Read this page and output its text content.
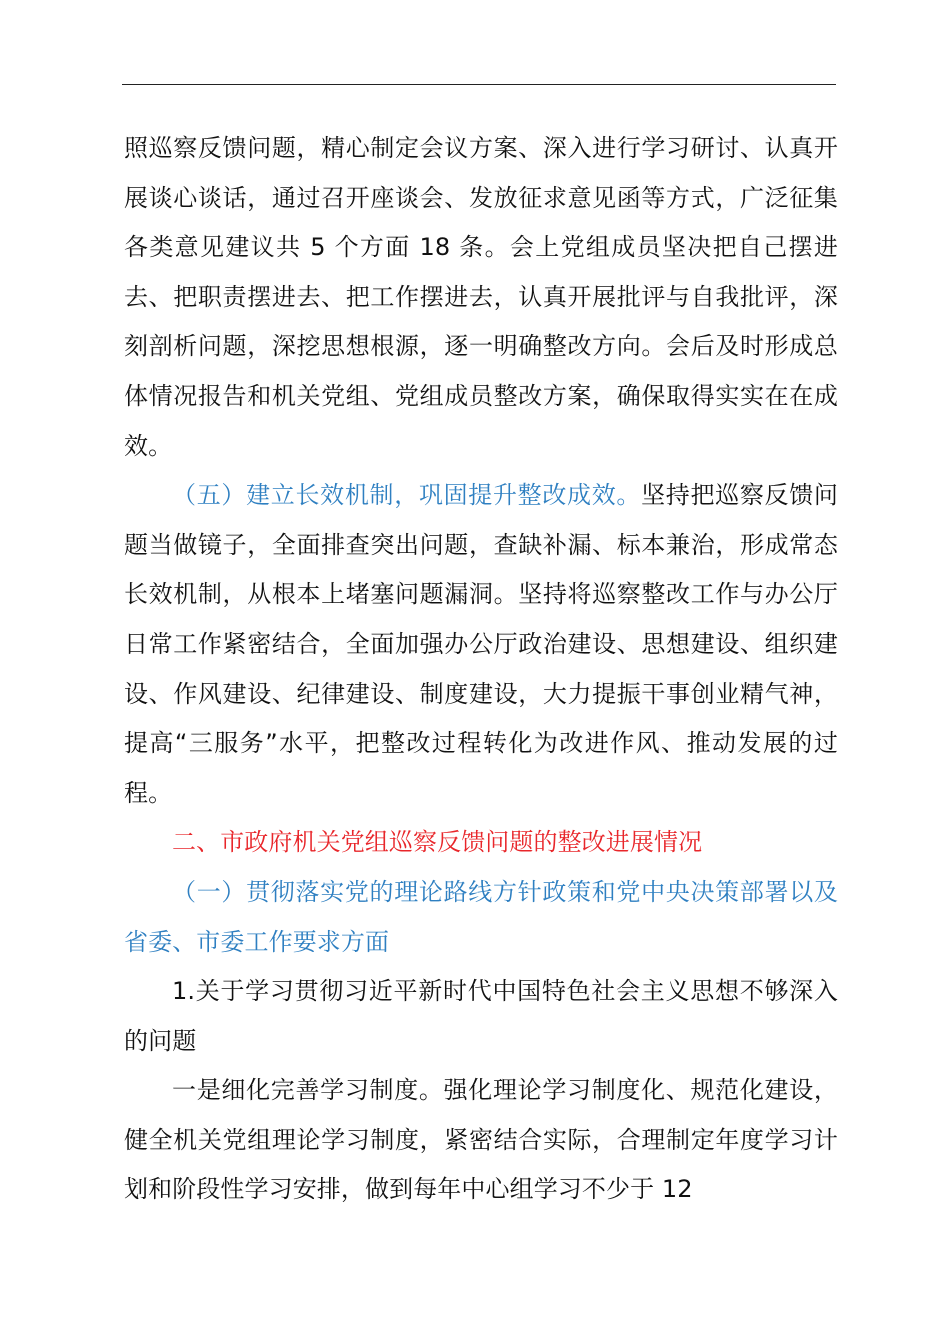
照巡察反馈问题，精心制定会议方案、深入进行学习研讨、认真开展谈心谈话，通过召开座谈会、发放征求意见函等方式，广泛征集各类意见建议共 5 个方面 18 条。会上党组成员坚决把自己摆进去、把职责摆进去、把工作摆进去，认真开展批评与自我批评，深刻剖析问题，深挖思想根源，逐一明确整改方向。会后及时形成总体情况报告和机关党组、党组成员整改方案，确保取得实实在在成效。

（五）建立长效机制，巩固提升整改成效。坚持把巡察反馈问题当做镜子，全面排查突出问题，查缺补漏、标本兼治，形成常态长效机制，从根本上堵塞问题漏洞。坚持将巡察整改工作与办公厅日常工作紧密结合，全面加强办公厅政治建设、思想建设、组织建设、作风建设、纪律建设、制度建设，大力提振干事创业精气神，提高“三服务”水平，把整改过程转化为改进作风、推动发展的过程。

二、市政府机关党组巡察反馈问题的整改进展情况

（一）贯彻落实党的理论路线方针政策和党中央决策部署以及省委、市委工作要求方面

1.关于学习贯彻习近平新时代中国特色社会主义思想不够深入的问题

一是细化完善学习制度。强化理论学习制度化、规范化建设，健全机关党组理论学习制度，紧密结合实际，合理制定年度学习计划和阶段性学习安排，做到每年中心组学习不少于 12
